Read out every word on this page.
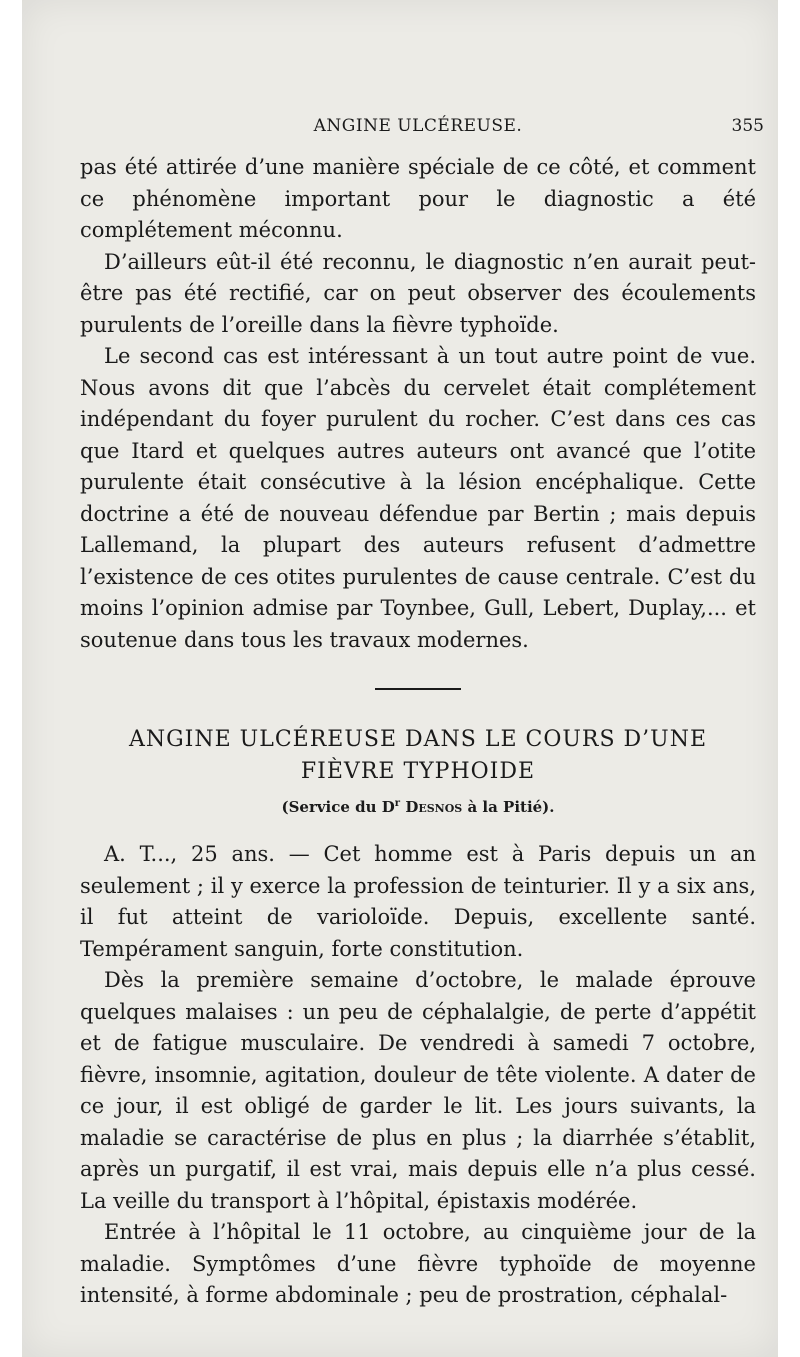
ANGINE ULCÉREUSE.	355

pas été attirée d’une manière spéciale de ce côté, et comment ce phénomène important pour le diagnostic a été complétement méconnu.

D’ailleurs eût-il été reconnu, le diagnostic n’en aurait peut-être pas été rectifié, car on peut observer des écoulements purulents de l’oreille dans la fièvre typhoïde.

Le second cas est intéressant à un tout autre point de vue. Nous avons dit que l’abcès du cervelet était complétement indépendant du foyer purulent du rocher. C’est dans ces cas que Itard et quelques autres auteurs ont avancé que l’otite purulente était consécutive à la lésion encéphalique. Cette doctrine a été de nouveau défendue par Bertin ; mais depuis Lallemand, la plupart des auteurs refusent d’admettre l’existence de ces otites purulentes de cause centrale. C’est du moins l’opinion admise par Toynbee, Gull, Lebert, Duplay,... et soutenue dans tous les travaux modernes.

ANGINE ULCÉREUSE DANS LE COURS D’UNE
FIÈVRE TYPHOIDE
(Service du $D^r$ Desnos à la Pitié).

A. T..., 25 ans. — Cet homme est à Paris depuis un an seulement ; il y exerce la profession de teinturier. Il y a six ans, il fut atteint de varioloïde. Depuis, excellente santé. Tempérament sanguin, forte constitution.

Dès la première semaine d’octobre, le malade éprouve quelques malaises : un peu de céphalalgie, de perte d’appétit et de fatigue musculaire. De vendredi à samedi 7 octobre, fièvre, insomnie, agitation, douleur de tête violente. A dater de ce jour, il est obligé de garder le lit. Les jours suivants, la maladie se caractérise de plus en plus ; la diarrhée s’établit, après un purgatif, il est vrai, mais depuis elle n’a plus cessé. La veille du transport à l’hôpital, épistaxis modérée.

Entrée à l’hôpital le 11 octobre, au cinquième jour de la maladie. Symptômes d’une fièvre typhoïde de moyenne intensité, à forme abdominale ; peu de prostration, céphalal-
